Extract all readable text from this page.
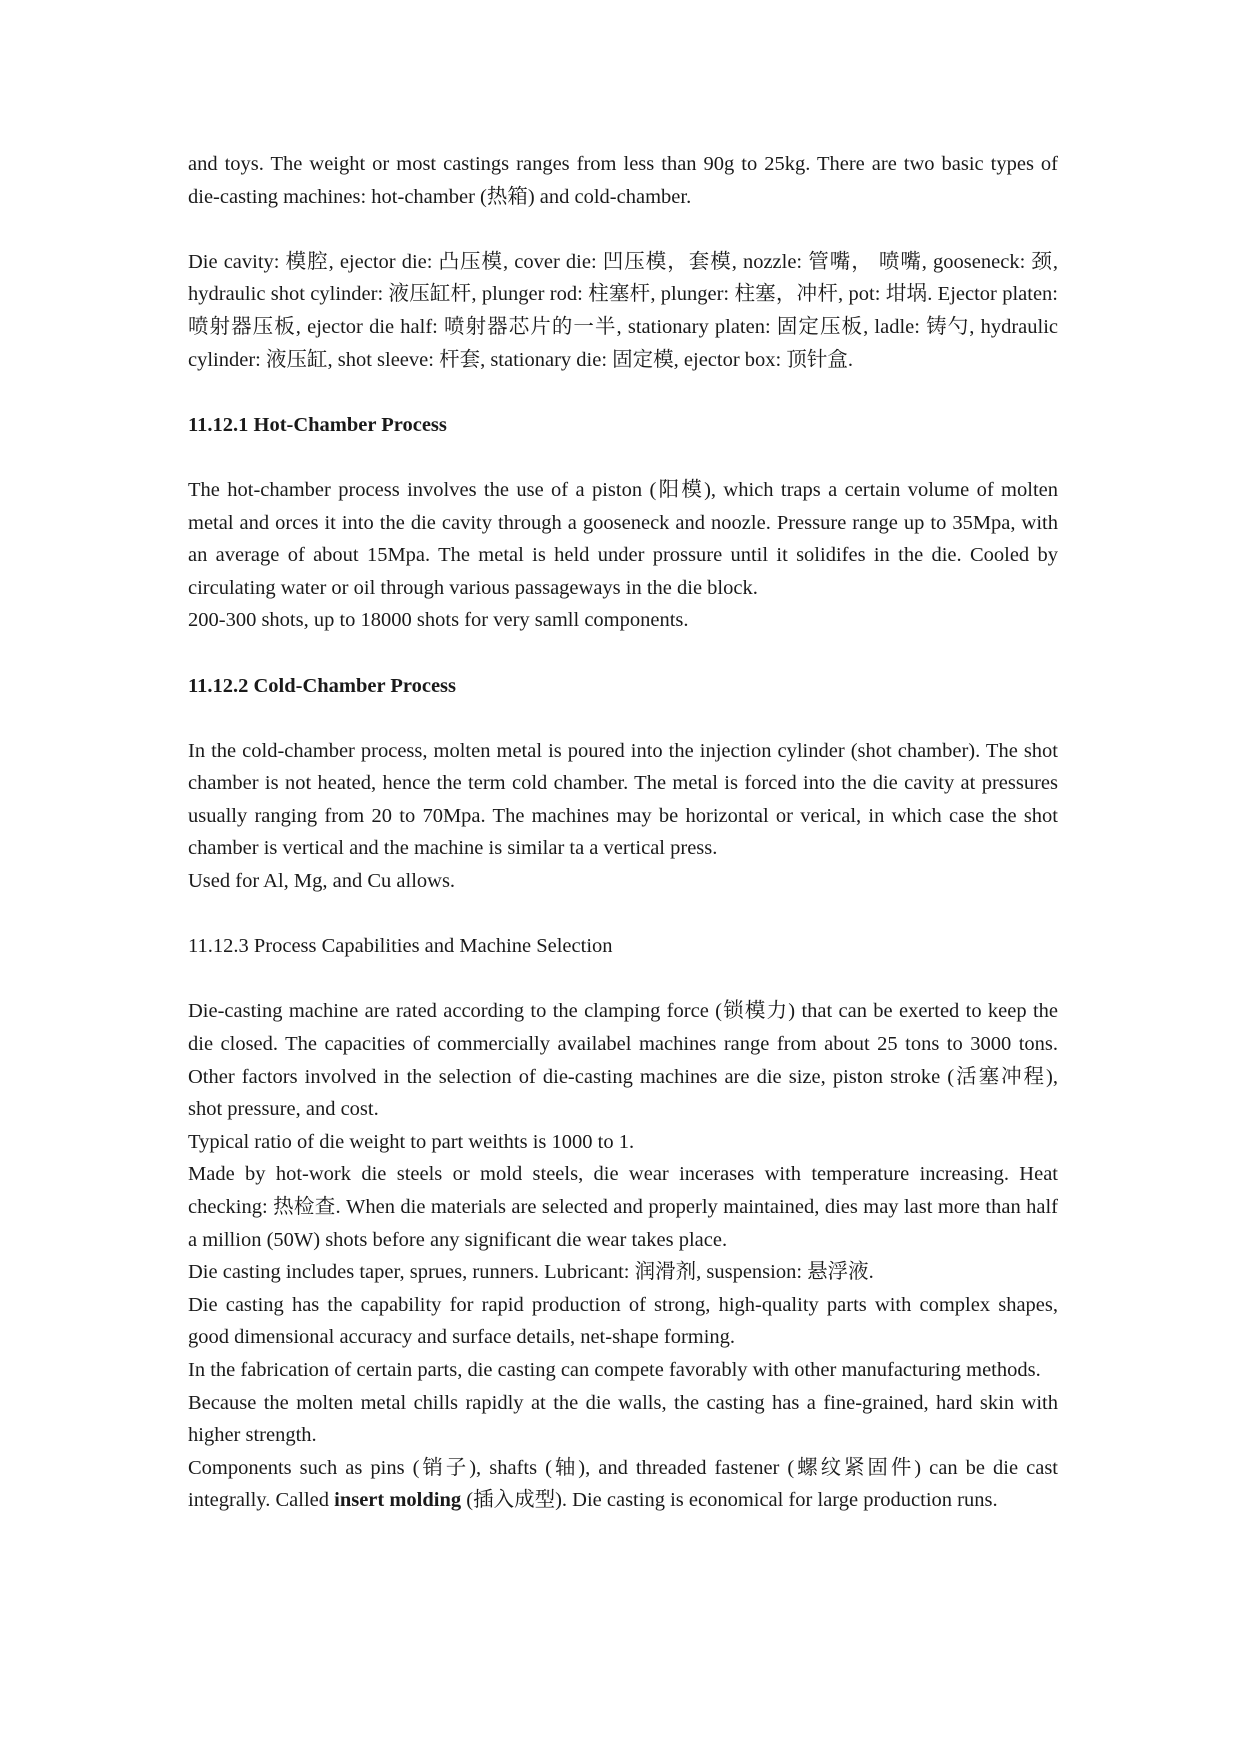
and toys. The weight or most castings ranges from less than 90g to 25kg. There are two basic types of die-casting machines: hot-chamber (热箱) and cold-chamber.

Die cavity: 模腔, ejector die: 凸压模, cover die: 凹压模，套模, nozzle: 管嘴， 喷嘴, gooseneck: 颈, hydraulic shot cylinder: 液压缸杆, plunger rod: 柱塞杆, plunger: 柱塞，冲杆, pot: 坩埚. Ejector platen: 喷射器压板, ejector die half: 喷射器芯片的一半, stationary platen: 固定压板, ladle: 铸勺, hydraulic cylinder: 液压缸, shot sleeve: 杆套, stationary die: 固定模, ejector box: 顶针盒.

11.12.1 Hot-Chamber Process

The hot-chamber process involves the use of a piston (阳模), which traps a certain volume of molten metal and orces it into the die cavity through a gooseneck and noozle. Pressure range up to 35Mpa, with an average of about 15Mpa. The metal is held under prossure until it solidifes in the die. Cooled by circulating water or oil through various passageways in the die block.

200-300 shots, up to 18000 shots for very samll components.

11.12.2 Cold-Chamber Process

In the cold-chamber process, molten metal is poured into the injection cylinder (shot chamber). The shot chamber is not heated, hence the term cold chamber. The metal is forced into the die cavity at pressures usually ranging from 20 to 70Mpa. The machines may be horizontal or verical, in which case the shot chamber is vertical and the machine is similar ta a vertical press.

Used for Al, Mg, and Cu allows.

11.12.3 Process Capabilities and Machine Selection

Die-casting machine are rated according to the clamping force (锁模力) that can be exerted to keep the die closed. The capacities of commercially availabel machines range from about 25 tons to 3000 tons. Other factors involved in the selection of die-casting machines are die size, piston stroke (活塞冲程), shot pressure, and cost.

Typical ratio of die weight to part weithts is 1000 to 1.

Made by hot-work die steels or mold steels, die wear incerases with temperature increasing. Heat checking: 热检查. When die materials are selected and properly maintained, dies may last more than half a million (50W) shots before any significant die wear takes place.

Die casting includes taper, sprues, runners. Lubricant: 润滑剂, suspension: 悬浮液.

Die casting has the capability for rapid production of strong, high-quality parts with complex shapes, good dimensional accuracy and surface details, net-shape forming.

In the fabrication of certain parts, die casting can compete favorably with other manufacturing methods.

Because the molten metal chills rapidly at the die walls, the casting has a fine-grained, hard skin with higher strength.

Components such as pins (销子), shafts (轴), and threaded fastener (螺纹紧固件) can be die cast integrally. Called insert molding (插入成型). Die casting is economical for large production runs.
